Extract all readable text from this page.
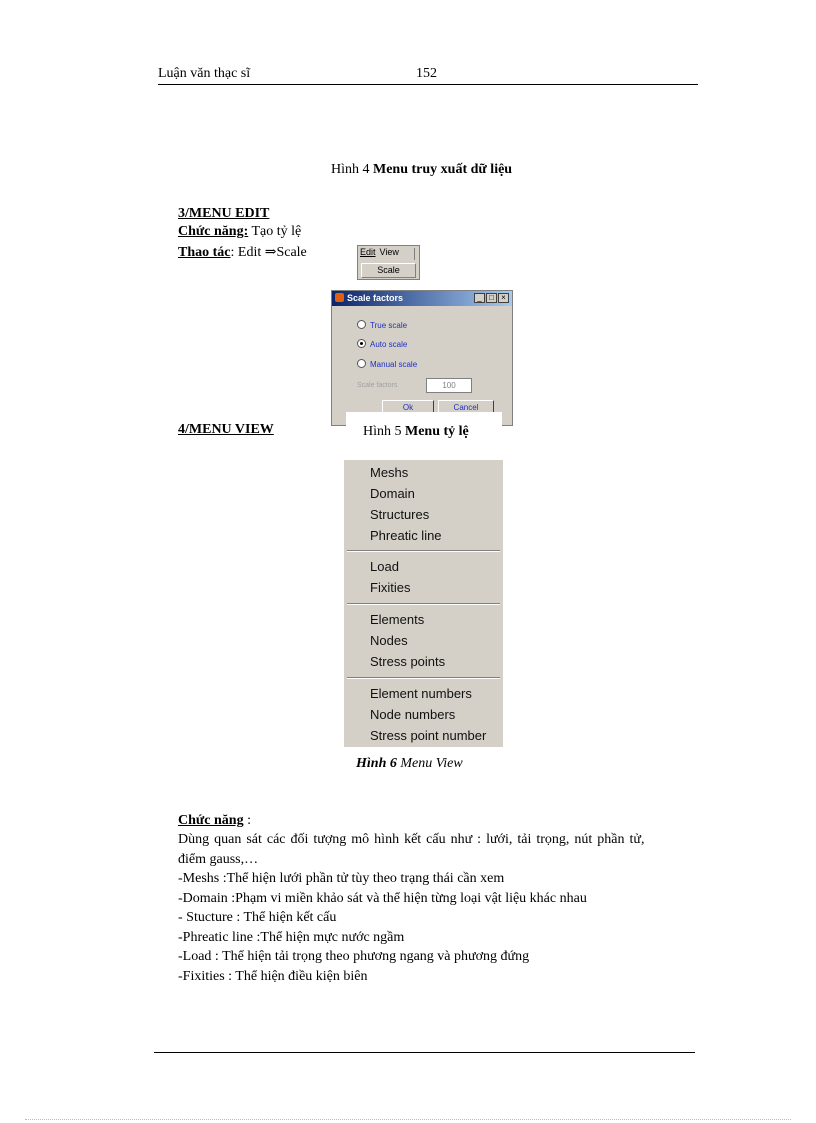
Luận văn thạc sĩ	152
Hình 4 Menu truy xuất dữ liệu
3/MENU EDIT
Chức năng: Tạo tỷ lệ
Thao tác: Edit ⇒Scale	Edit View
Scale
Scale factors	_ □ ×
True scale
Auto scale
Manual scale
Scale factors	100
Ok	Cancel
Hình 5 Menu tỷ lệ
4/MENU VIEW
Meshs
Domain
Structures
Phreatic line
Load
Fixities
Elements
Nodes
Stress points
Element numbers
Node numbers
Stress point number
Hình 6 Menu View
Chức năng :
Dùng quan sát các đối tượng mô hình kết cấu như : lưới, tải trọng, nút phần tử,
điểm gauss,…
-Meshs :Thể hiện lưới phần tử tùy theo trạng thái cần xem
-Domain :Phạm vi miền khảo sát và thể hiện từng loại vật liệu khác nhau
- Stucture : Thể hiện kết cấu
-Phreatic line :Thể hiện mực nước ngầm
-Load : Thể hiện tải trọng theo phương ngang và phương đứng
-Fixities : Thể hiện điều kiện biên
